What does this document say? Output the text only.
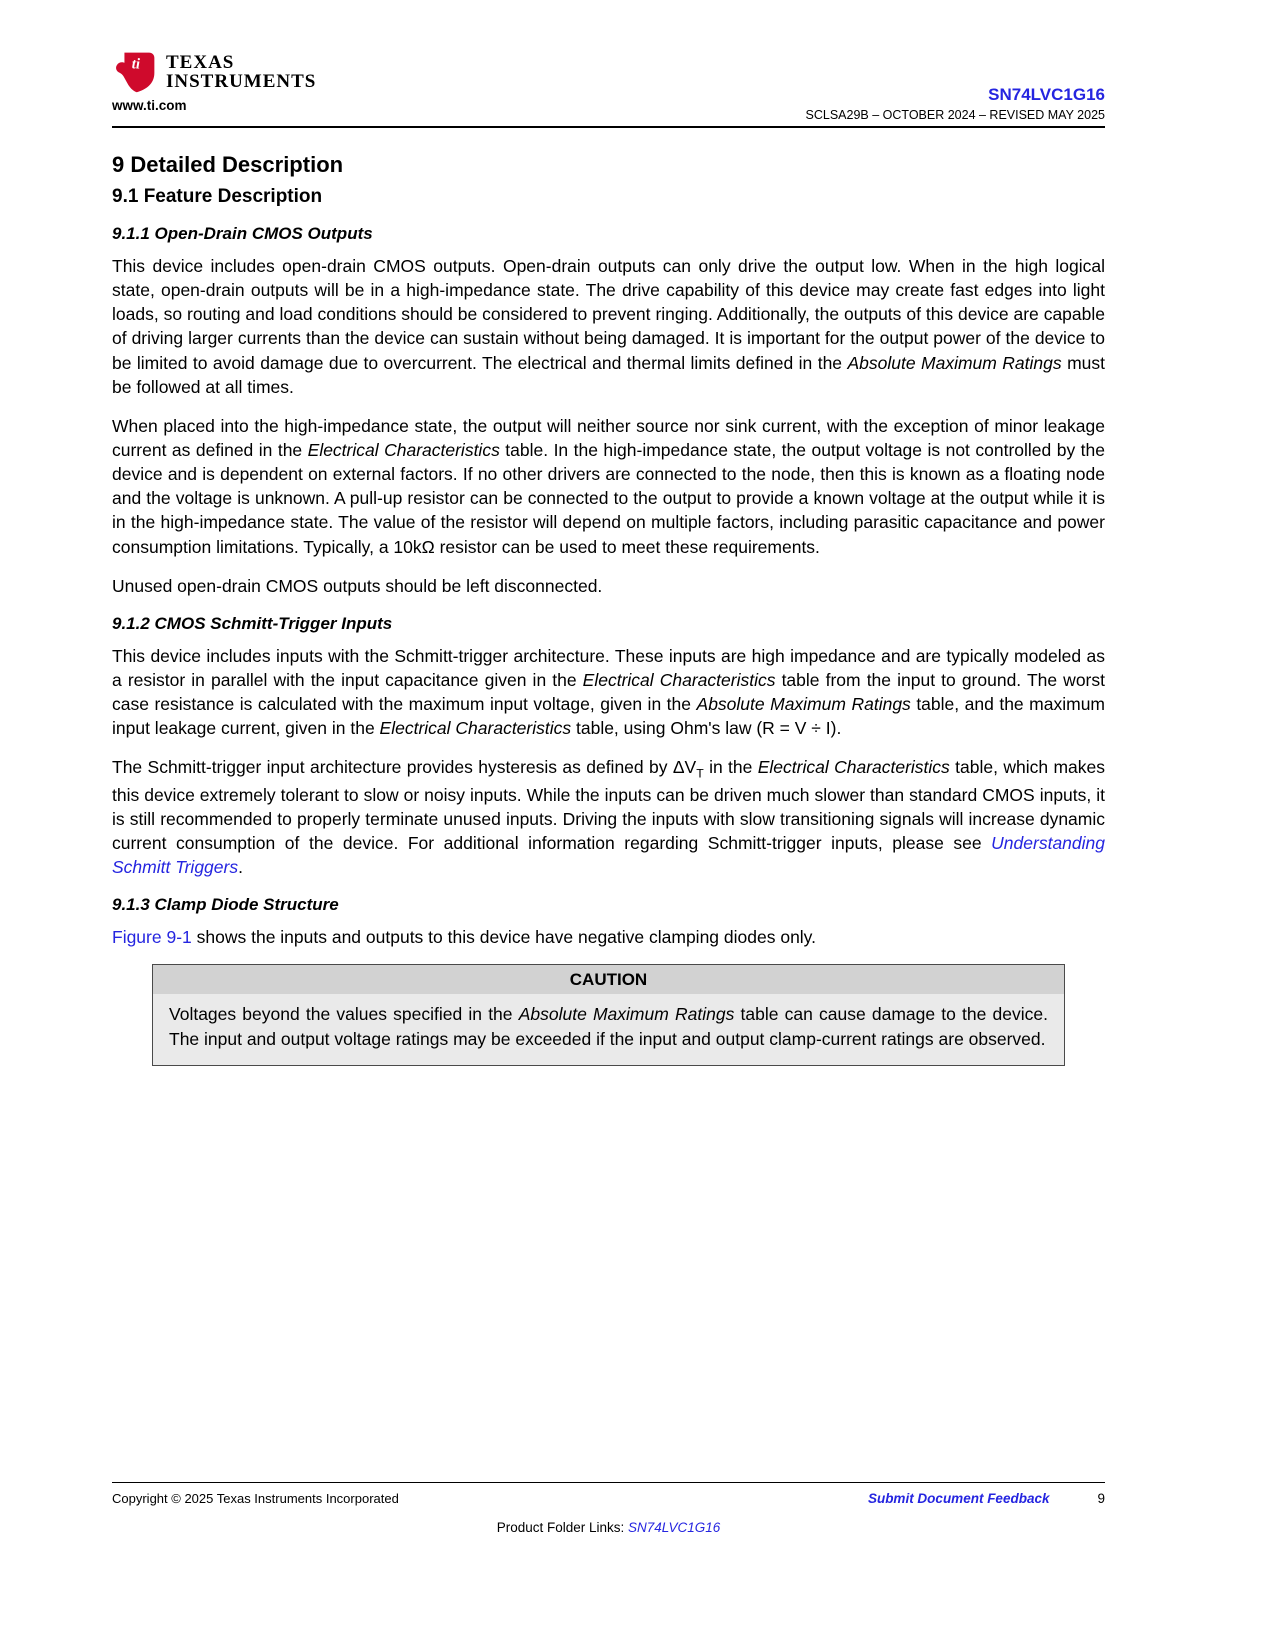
ti TEXAS
INSTRUMENTS
www.ti.com
SN74LVC1G16
SCLSA29B – OCTOBER 2024 – REVISED MAY 2025
9 Detailed Description
9.1 Feature Description
9.1.1 Open-Drain CMOS Outputs

This device includes open-drain CMOS outputs. Open-drain outputs can only drive the output low. When in the high logical state, open-drain outputs will be in a high-impedance state. The drive capability of this device may create fast edges into light loads, so routing and load conditions should be considered to prevent ringing. Additionally, the outputs of this device are capable of driving larger currents than the device can sustain without being damaged. It is important for the output power of the device to be limited to avoid damage due to overcurrent. The electrical and thermal limits defined in the Absolute Maximum Ratings must be followed at all times.

When placed into the high-impedance state, the output will neither source nor sink current, with the exception of minor leakage current as defined in the Electrical Characteristics table. In the high-impedance state, the output voltage is not controlled by the device and is dependent on external factors. If no other drivers are connected to the node, then this is known as a floating node and the voltage is unknown. A pull-up resistor can be connected to the output to provide a known voltage at the output while it is in the high-impedance state. The value of the resistor will depend on multiple factors, including parasitic capacitance and power consumption limitations. Typically, a 10kΩ resistor can be used to meet these requirements.

Unused open-drain CMOS outputs should be left disconnected.

9.1.2 CMOS Schmitt-Trigger Inputs

This device includes inputs with the Schmitt-trigger architecture. These inputs are high impedance and are typically modeled as a resistor in parallel with the input capacitance given in the Electrical Characteristics table from the input to ground. The worst case resistance is calculated with the maximum input voltage, given in the Absolute Maximum Ratings table, and the maximum input leakage current, given in the Electrical Characteristics table, using Ohm's law (R = V ÷ I).

The Schmitt-trigger input architecture provides hysteresis as defined by $\Delta V_T$ in the Electrical Characteristics table, which makes this device extremely tolerant to slow or noisy inputs. While the inputs can be driven much slower than standard CMOS inputs, it is still recommended to properly terminate unused inputs. Driving the inputs with slow transitioning signals will increase dynamic current consumption of the device. For additional information regarding Schmitt-trigger inputs, please see Understanding Schmitt Triggers.

9.1.3 Clamp Diode Structure

Figure 9-1 shows the inputs and outputs to this device have negative clamping diodes only.

CAUTION
Voltages beyond the values specified in the Absolute Maximum Ratings table can cause damage to the device. The input and output voltage ratings may be exceeded if the input and output clamp-current ratings are observed.
Copyright © 2025 Texas Instruments Incorporated	Submit Document Feedback	9
Product Folder Links: SN74LVC1G16
